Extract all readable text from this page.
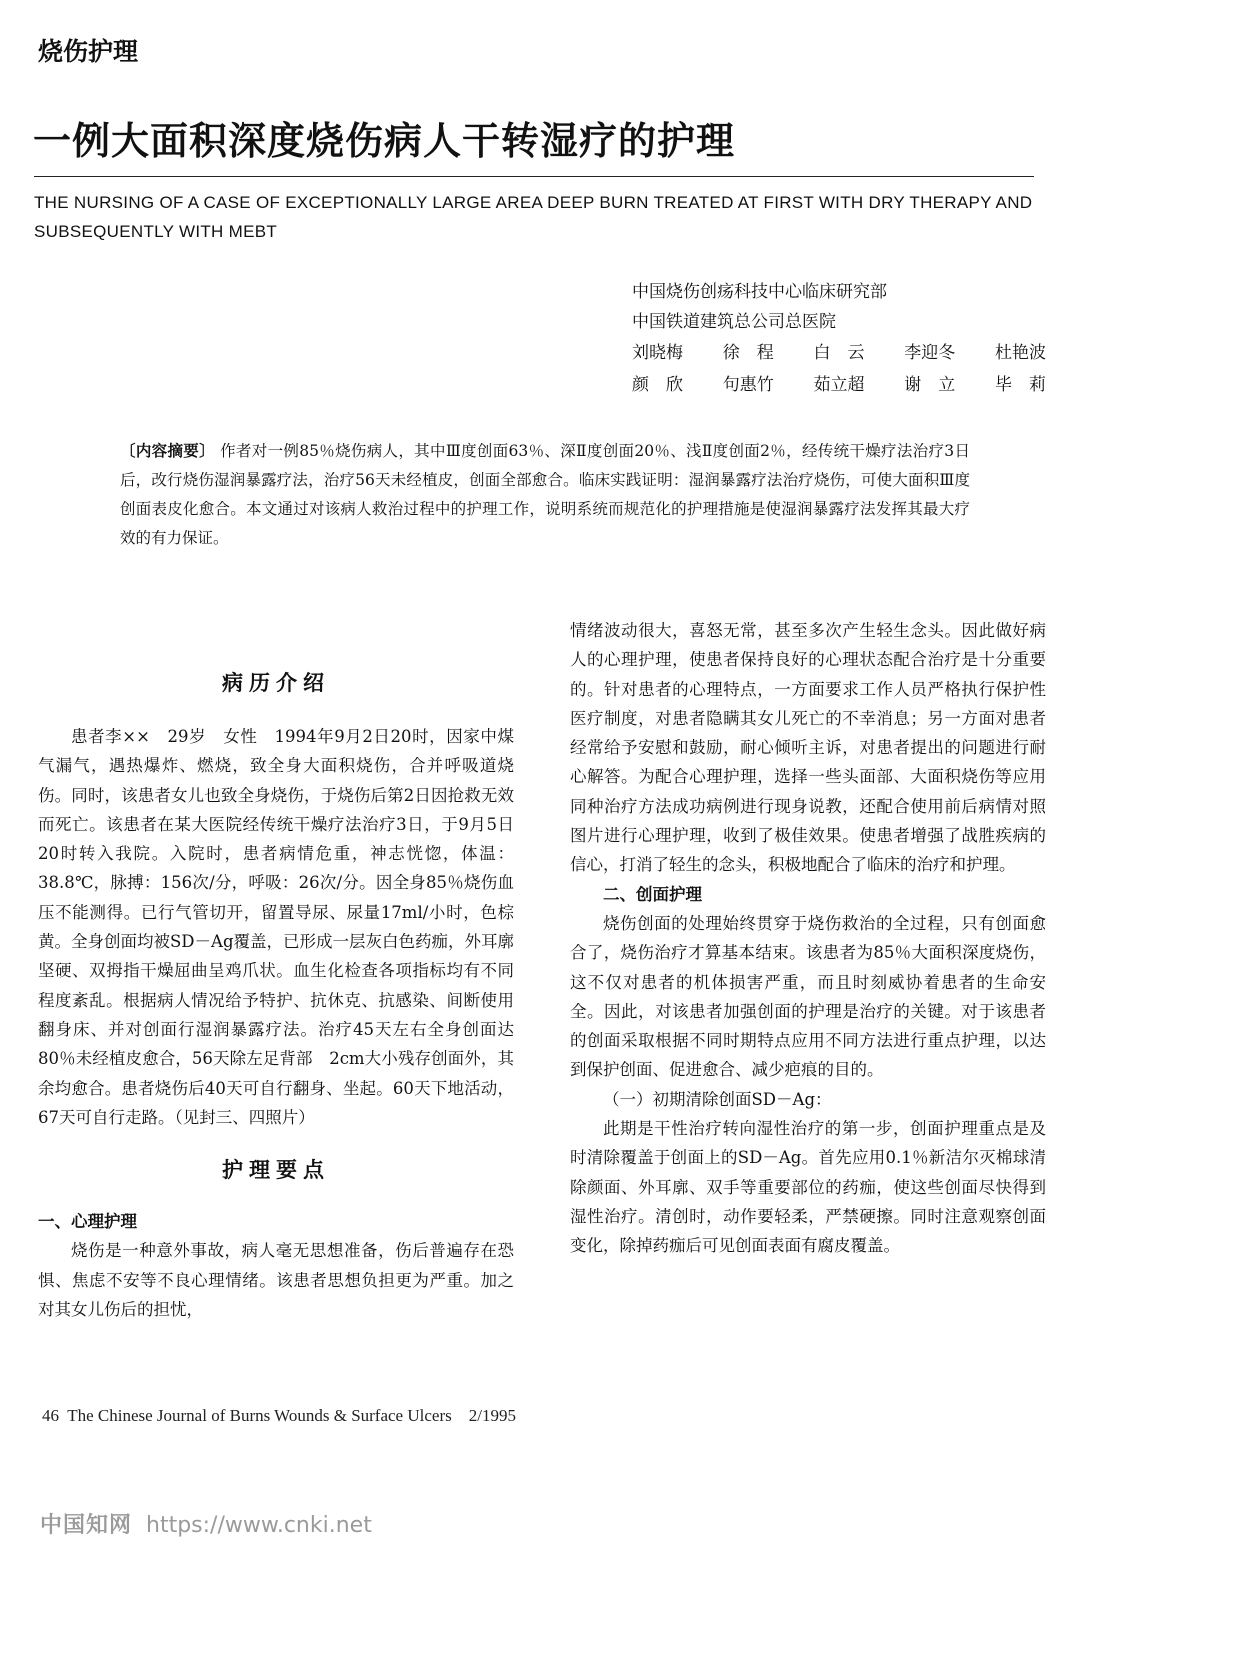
烧伤护理
一例大面积深度烧伤病人干转湿疗的护理
THE NURSING OF A CASE OF EXCEPTIONALLY LARGE AREA DEEP BURN TREATED AT FIRST WITH DRY THERAPY AND SUBSEQUENTLY WITH MEBT
中国烧伤创疡科技中心临床研究部
中国铁道建筑总公司总医院
刘晓梅 徐　程 白　云 李迎冬 杜艳波
颜　欣 句惠竹 茹立超 谢　立 毕　莉
〔内容摘要〕 作者对一例85％烧伤病人，其中Ⅲ度创面63％、深Ⅱ度创面20％、浅Ⅱ度创面2％，经传统干燥疗法治疗3日后，改行烧伤湿润暴露疗法，治疗56天未经植皮，创面全部愈合。临床实践证明：湿润暴露疗法治疗烧伤，可使大面积Ⅲ度创面表皮化愈合。本文通过对该病人救治过程中的护理工作，说明系统而规范化的护理措施是使湿润暴露疗法发挥其最大疗效的有力保证。
病历介绍

患者李××　29岁　女性　1994年9月2日20时，因家中煤气漏气，遇热爆炸、燃烧，致全身大面积烧伤，合并呼吸道烧伤。同时，该患者女儿也致全身烧伤，于烧伤后第2日因抢救无效而死亡。该患者在某大医院经传统干燥疗法治疗3日，于9月5日20时转入我院。入院时，患者病情危重，神志恍惚，体温：38.8℃，脉搏：156次/分，呼吸：26次/分。因全身85％烧伤血压不能测得。已行气管切开，留置导尿、尿量17ml/小时，色棕黄。全身创面均被SD－Ag覆盖，已形成一层灰白色药痂，外耳廓坚硬、双拇指干燥屈曲呈鸡爪状。血生化检查各项指标均有不同程度紊乱。根据病人情况给予特护、抗休克、抗感染、间断使用翻身床、并对创面行湿润暴露疗法。治疗45天左右全身创面达80％未经植皮愈合，56天除左足背部　2cm大小残存创面外，其余均愈合。患者烧伤后40天可自行翻身、坐起。60天下地活动，67天可自行走路。（见封三、四照片）

护理要点
一、心理护理

烧伤是一种意外事故，病人毫无思想准备，伤后普遍存在恐惧、焦虑不安等不良心理情绪。该患者思想负担更为严重。加之对其女儿伤后的担忧，

情绪波动很大，喜怒无常，甚至多次产生轻生念头。因此做好病人的心理护理，使患者保持良好的心理状态配合治疗是十分重要的。针对患者的心理特点，一方面要求工作人员严格执行保护性医疗制度，对患者隐瞒其女儿死亡的不幸消息；另一方面对患者经常给予安慰和鼓励，耐心倾听主诉，对患者提出的问题进行耐心解答。为配合心理护理，选择一些头面部、大面积烧伤等应用同种治疗方法成功病例进行现身说教，还配合使用前后病情对照图片进行心理护理，收到了极佳效果。使患者增强了战胜疾病的信心，打消了轻生的念头，积极地配合了临床的治疗和护理。

二、创面护理

烧伤创面的处理始终贯穿于烧伤救治的全过程，只有创面愈合了，烧伤治疗才算基本结束。该患者为85％大面积深度烧伤，这不仅对患者的机体损害严重，而且时刻威协着患者的生命安全。因此，对该患者加强创面的护理是治疗的关键。对于该患者的创面采取根据不同时期特点应用不同方法进行重点护理，以达到保护创面、促进愈合、减少疤痕的目的。

（一）初期清除创面SD－Ag：

此期是干性治疗转向湿性治疗的第一步，创面护理重点是及时清除覆盖于创面上的SD－Ag。首先应用0.1％新洁尔灭棉球清除颜面、外耳廓、双手等重要部位的药痂，使这些创面尽快得到湿性治疗。清创时，动作要轻柔，严禁硬擦。同时注意观察创面变化，除掉药痂后可见创面表面有腐皮覆盖。

46 The Chinese Journal of Burns Wounds & Surface Ulcers 2/1995
中国知网 https://www.cnki.net
